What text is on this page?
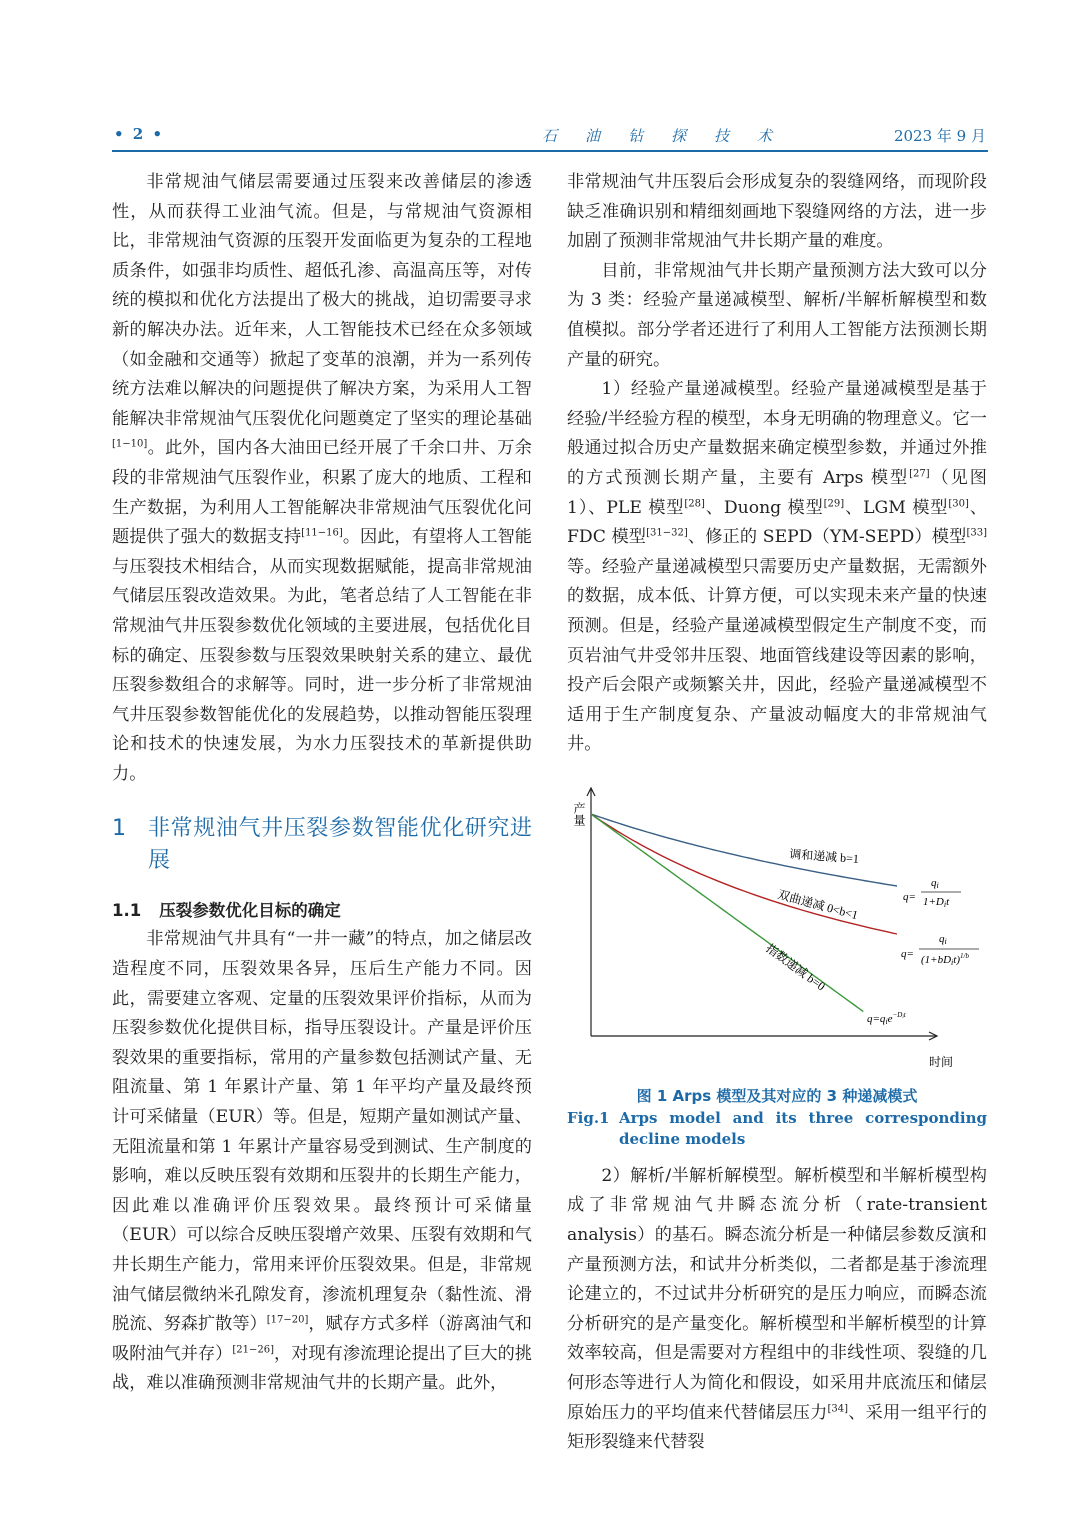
• 2 •	石油钻探技术	2023 年 9 月

非常规油气储层需要通过压裂来改善储层的渗透性，从而获得工业油气流。但是，与常规油气资源相比，非常规油气资源的压裂开发面临更为复杂的工程地质条件，如强非均质性、超低孔渗、高温高压等，对传统的模拟和优化方法提出了极大的挑战，迫切需要寻求新的解决办法。近年来，人工智能技术已经在众多领域（如金融和交通等）掀起了变革的浪潮，并为一系列传统方法难以解决的问题提供了解决方案，为采用人工智能解决非常规油气压裂优化问题奠定了坚实的理论基础[1−10]。此外，国内各大油田已经开展了千余口井、万余段的非常规油气压裂作业，积累了庞大的地质、工程和生产数据，为利用人工智能解决非常规油气压裂优化问题提供了强大的数据支持[11−16]。因此，有望将人工智能与压裂技术相结合，从而实现数据赋能，提高非常规油气储层压裂改造效果。为此，笔者总结了人工智能在非常规油气井压裂参数优化领域的主要进展，包括优化目标的确定、压裂参数与压裂效果映射关系的建立、最优压裂参数组合的求解等。同时，进一步分析了非常规油气井压裂参数智能优化的发展趋势，以推动智能压裂理论和技术的快速发展，为水力压裂技术的革新提供助力。

1 非常规油气井压裂参数智能优化研究进展
1.1 压裂参数优化目标的确定

非常规油气井具有“一井一藏”的特点，加之储层改造程度不同，压裂效果各异，压后生产能力不同。因此，需要建立客观、定量的压裂效果评价指标，从而为压裂参数优化提供目标，指导压裂设计。产量是评价压裂效果的重要指标，常用的产量参数包括测试产量、无阻流量、第 1 年累计产量、第 1 年平均产量及最终预计可采储量（EUR）等。但是，短期产量如测试产量、无阻流量和第 1 年累计产量容易受到测试、生产制度的影响，难以反映压裂有效期和压裂井的长期生产能力，因此难以准确评价压裂效果。最终预计可采储量（EUR）可以综合反映压裂增产效果、压裂有效期和气井长期生产能力，常用来评价压裂效果。但是，非常规油气储层微纳米孔隙发育，渗流机理复杂（黏性流、滑脱流、努森扩散等）[17−20]，赋存方式多样（游离油气和吸附油气并存）[21−26]，对现有渗流理论提出了巨大的挑战，难以准确预测非常规油气井的长期产量。此外，

非常规油气井压裂后会形成复杂的裂缝网络，而现阶段缺乏准确识别和精细刻画地下裂缝网络的方法，进一步加剧了预测非常规油气井长期产量的难度。

目前，非常规油气井长期产量预测方法大致可以分为 3 类：经验产量递减模型、解析/半解析解模型和数值模拟。部分学者还进行了利用人工智能方法预测长期产量的研究。

1）经验产量递减模型。经验产量递减模型是基于经验/半经验方程的模型，本身无明确的物理意义。它一般通过拟合历史产量数据来确定模型参数，并通过外推的方式预测长期产量，主要有 Arps 模型[27]（见图 1）、PLE 模型[28]、Duong 模型[29]、LGM 模型[30]、FDC 模型[31−32]、修正的 SEPD（YM-SEPD）模型[33]等。经验产量递减模型只需要历史产量数据，无需额外的数据，成本低、计算方便，可以实现未来产量的快速预测。但是，经验产量递减模型假定生产制度不变，而页岩油气井受邻井压裂、地面管线建设等因素的影响，投产后会限产或频繁关井，因此，经验产量递减模型不适用于生产制度复杂、产量波动幅度大的非常规油气井。

产量
时间
调和递减 b=1
双曲递减 0<b<1
指数递减 b=0
q=
qi
1+Dit
q=
qi
(1+bDit)$^{1/b}$
q=qie$^{-D}$it
图 1 Arps 模型及其对应的 3 种递减模式
Fig.1 Arps model and its three corresponding decline models

2）解析/半解析解模型。解析模型和半解析模型构成了非常规油气井瞬态流分析（rate-transient analysis）的基石。瞬态流分析是一种储层参数反演和产量预测方法，和试井分析类似，二者都是基于渗流理论建立的，不过试井分析研究的是压力响应，而瞬态流分析研究的是产量变化。解析模型和半解析模型的计算效率较高，但是需要对方程组中的非线性项、裂缝的几何形态等进行人为简化和假设，如采用井底流压和储层原始压力的平均值来代替储层压力[34]、采用一组平行的矩形裂缝来代替裂
